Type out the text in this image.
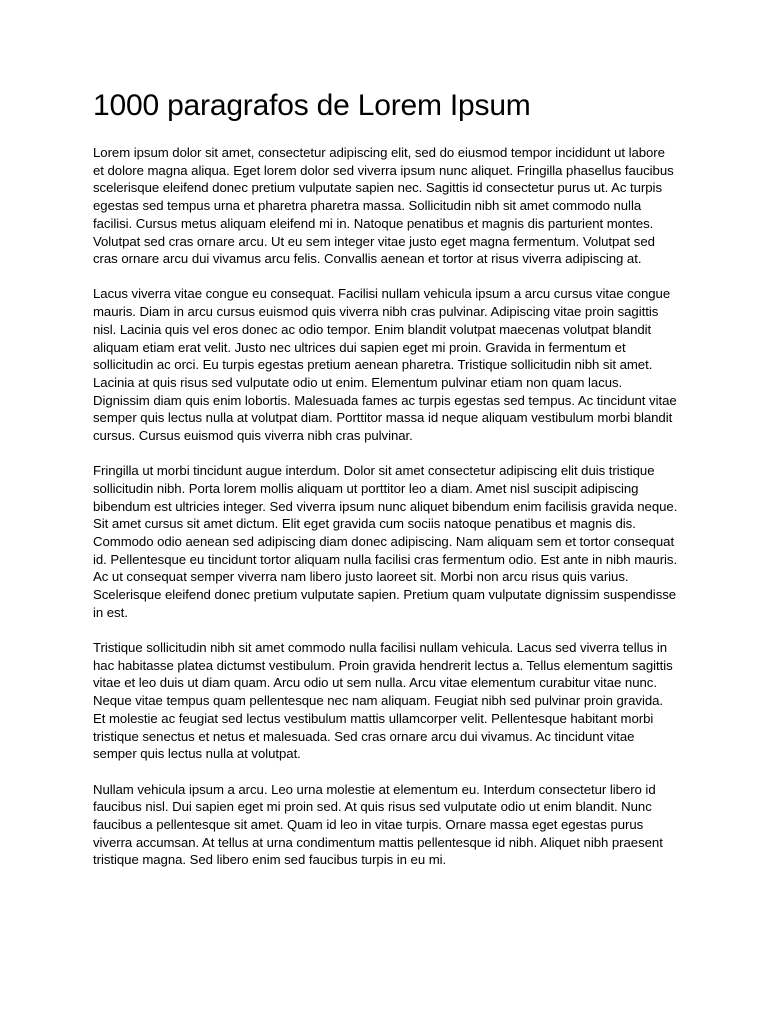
1000 paragrafos de Lorem Ipsum

Lorem ipsum dolor sit amet, consectetur adipiscing elit, sed do eiusmod tempor incididunt ut labore et dolore magna aliqua. Eget lorem dolor sed viverra ipsum nunc aliquet. Fringilla phasellus faucibus scelerisque eleifend donec pretium vulputate sapien nec. Sagittis id consectetur purus ut. Ac turpis egestas sed tempus urna et pharetra pharetra massa. Sollicitudin nibh sit amet commodo nulla facilisi. Cursus metus aliquam eleifend mi in. Natoque penatibus et magnis dis parturient montes. Volutpat sed cras ornare arcu. Ut eu sem integer vitae justo eget magna fermentum. Volutpat sed cras ornare arcu dui vivamus arcu felis. Convallis aenean et tortor at risus viverra adipiscing at.

Lacus viverra vitae congue eu consequat. Facilisi nullam vehicula ipsum a arcu cursus vitae congue mauris. Diam in arcu cursus euismod quis viverra nibh cras pulvinar. Adipiscing vitae proin sagittis nisl. Lacinia quis vel eros donec ac odio tempor. Enim blandit volutpat maecenas volutpat blandit aliquam etiam erat velit. Justo nec ultrices dui sapien eget mi proin. Gravida in fermentum et sollicitudin ac orci. Eu turpis egestas pretium aenean pharetra. Tristique sollicitudin nibh sit amet. Lacinia at quis risus sed vulputate odio ut enim. Elementum pulvinar etiam non quam lacus. Dignissim diam quis enim lobortis. Malesuada fames ac turpis egestas sed tempus. Ac tincidunt vitae semper quis lectus nulla at volutpat diam. Porttitor massa id neque aliquam vestibulum morbi blandit cursus. Cursus euismod quis viverra nibh cras pulvinar.

Fringilla ut morbi tincidunt augue interdum. Dolor sit amet consectetur adipiscing elit duis tristique sollicitudin nibh. Porta lorem mollis aliquam ut porttitor leo a diam. Amet nisl suscipit adipiscing bibendum est ultricies integer. Sed viverra ipsum nunc aliquet bibendum enim facilisis gravida neque. Sit amet cursus sit amet dictum. Elit eget gravida cum sociis natoque penatibus et magnis dis. Commodo odio aenean sed adipiscing diam donec adipiscing. Nam aliquam sem et tortor consequat id. Pellentesque eu tincidunt tortor aliquam nulla facilisi cras fermentum odio. Est ante in nibh mauris. Ac ut consequat semper viverra nam libero justo laoreet sit. Morbi non arcu risus quis varius. Scelerisque eleifend donec pretium vulputate sapien. Pretium quam vulputate dignissim suspendisse in est.

Tristique sollicitudin nibh sit amet commodo nulla facilisi nullam vehicula. Lacus sed viverra tellus in hac habitasse platea dictumst vestibulum. Proin gravida hendrerit lectus a. Tellus elementum sagittis vitae et leo duis ut diam quam. Arcu odio ut sem nulla. Arcu vitae elementum curabitur vitae nunc. Neque vitae tempus quam pellentesque nec nam aliquam. Feugiat nibh sed pulvinar proin gravida. Et molestie ac feugiat sed lectus vestibulum mattis ullamcorper velit. Pellentesque habitant morbi tristique senectus et netus et malesuada. Sed cras ornare arcu dui vivamus. Ac tincidunt vitae semper quis lectus nulla at volutpat.

Nullam vehicula ipsum a arcu. Leo urna molestie at elementum eu. Interdum consectetur libero id faucibus nisl. Dui sapien eget mi proin sed. At quis risus sed vulputate odio ut enim blandit. Nunc faucibus a pellentesque sit amet. Quam id leo in vitae turpis. Ornare massa eget egestas purus viverra accumsan. At tellus at urna condimentum mattis pellentesque id nibh. Aliquet nibh praesent tristique magna. Sed libero enim sed faucibus turpis in eu mi.
